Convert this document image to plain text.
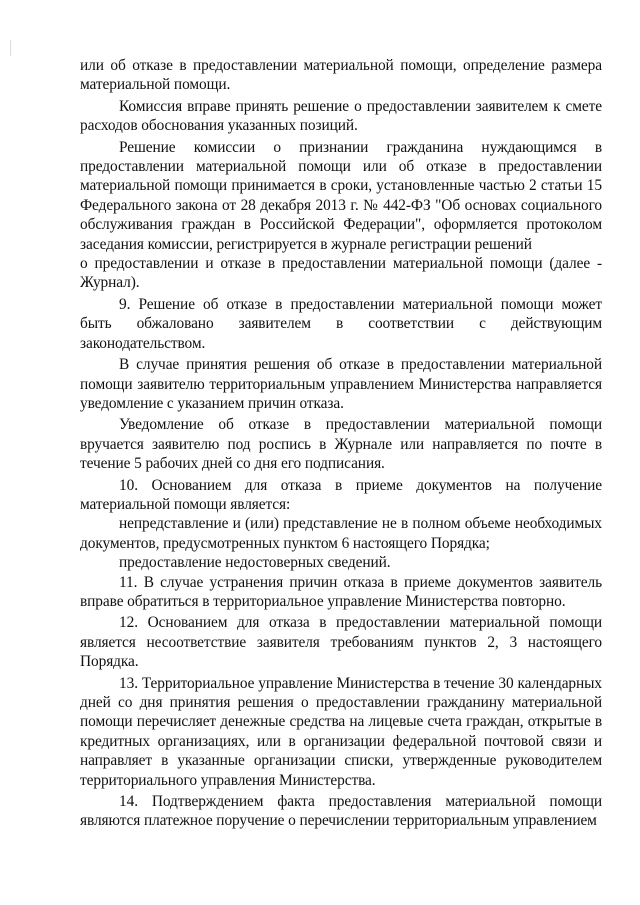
или об отказе в предоставлении материальной помощи, определение размера материальной помощи.

Комиссия вправе принять решение о предоставлении заявителем к смете расходов обоснования указанных позиций.

Решение комиссии о признании гражданина нуждающимся в предоставлении материальной помощи или об отказе в предоставлении материальной помощи принимается в сроки, установленные частью 2 статьи 15 Федерального закона от 28 декабря 2013 г. № 442-ФЗ "Об основах социального обслуживания граждан в Российской Федерации", оформляется протоколом заседания комиссии, регистрируется в журнале регистрации решений

о предоставлении и отказе в предоставлении материальной помощи (далее - Журнал).

9. Решение об отказе в предоставлении материальной помощи может быть обжаловано заявителем в соответствии с действующим законодательством.

В случае принятия решения об отказе в предоставлении материальной помощи заявителю территориальным управлением Министерства направляется уведомление с указанием причин отказа.

Уведомление об отказе в предоставлении материальной помощи вручается заявителю под роспись в Журнале или направляется по почте в течение 5 рабочих дней со дня его подписания.

10. Основанием для отказа в приеме документов на получение материальной помощи является:

непредставление и (или) представление не в полном объеме необходимых документов, предусмотренных пунктом 6 настоящего Порядка;

предоставление недостоверных сведений.

11. В случае устранения причин отказа в приеме документов заявитель вправе обратиться в территориальное управление Министерства повторно.

12. Основанием для отказа в предоставлении материальной помощи является несоответствие заявителя требованиям пунктов 2, 3 настоящего Порядка.

13. Территориальное управление Министерства в течение 30 календарных дней со дня принятия решения о предоставлении гражданину материальной помощи перечисляет денежные средства на лицевые счета граждан, открытые в кредитных организациях, или в организации федеральной почтовой связи и направляет в указанные организации списки, утвержденные руководителем территориального управления Министерства.

14. Подтверждением факта предоставления материальной помощи являются платежное поручение о перечислении территориальным управлением
